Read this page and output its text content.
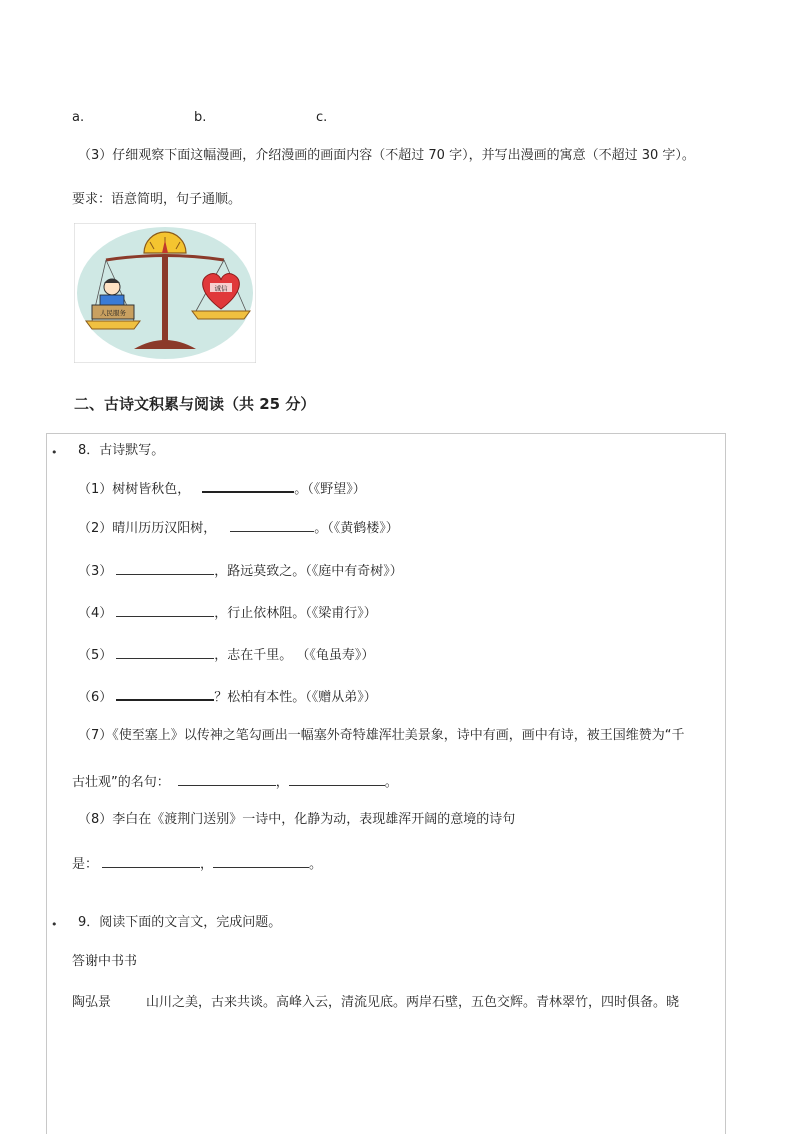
a.	b.	c.
（3）仔细观察下面这幅漫画，介绍漫画的画面内容（不超过 70 字），并写出漫画的寓意（不超过 30 字）。
要求：语意简明，句子通顺。
人民服务
诚信
二、古诗文积累与阅读（共 25 分）
• 8．古诗默写。
（1）树树皆秋色，	。（《野望》）
（2）晴川历历汉阳树，	。（《黄鹤楼》）
（3）	，路远莫致之。（《庭中有奇树》）
（4）	，行止依林阻。（《梁甫行》）
（5）	，志在千里。 （《龟虽寿》）
（6）	？松柏有本性。（《赠从弟》）
（7）《使至塞上》以传神之笔勾画出一幅塞外奇特雄浑壮美景象，诗中有画，画中有诗，被王国维赞为“千
古壮观”的名句：	，	。
（8）李白在《渡荆门送别》一诗中，化静为动，表现雄浑开阔的意境的诗句
是：	，	。
• 9．阅读下面的文言文，完成问题。
答谢中书书
陶弘景	山川之美，古来共谈。高峰入云，清流见底。两岸石壁，五色交辉。青林翠竹，四时俱备。晓
